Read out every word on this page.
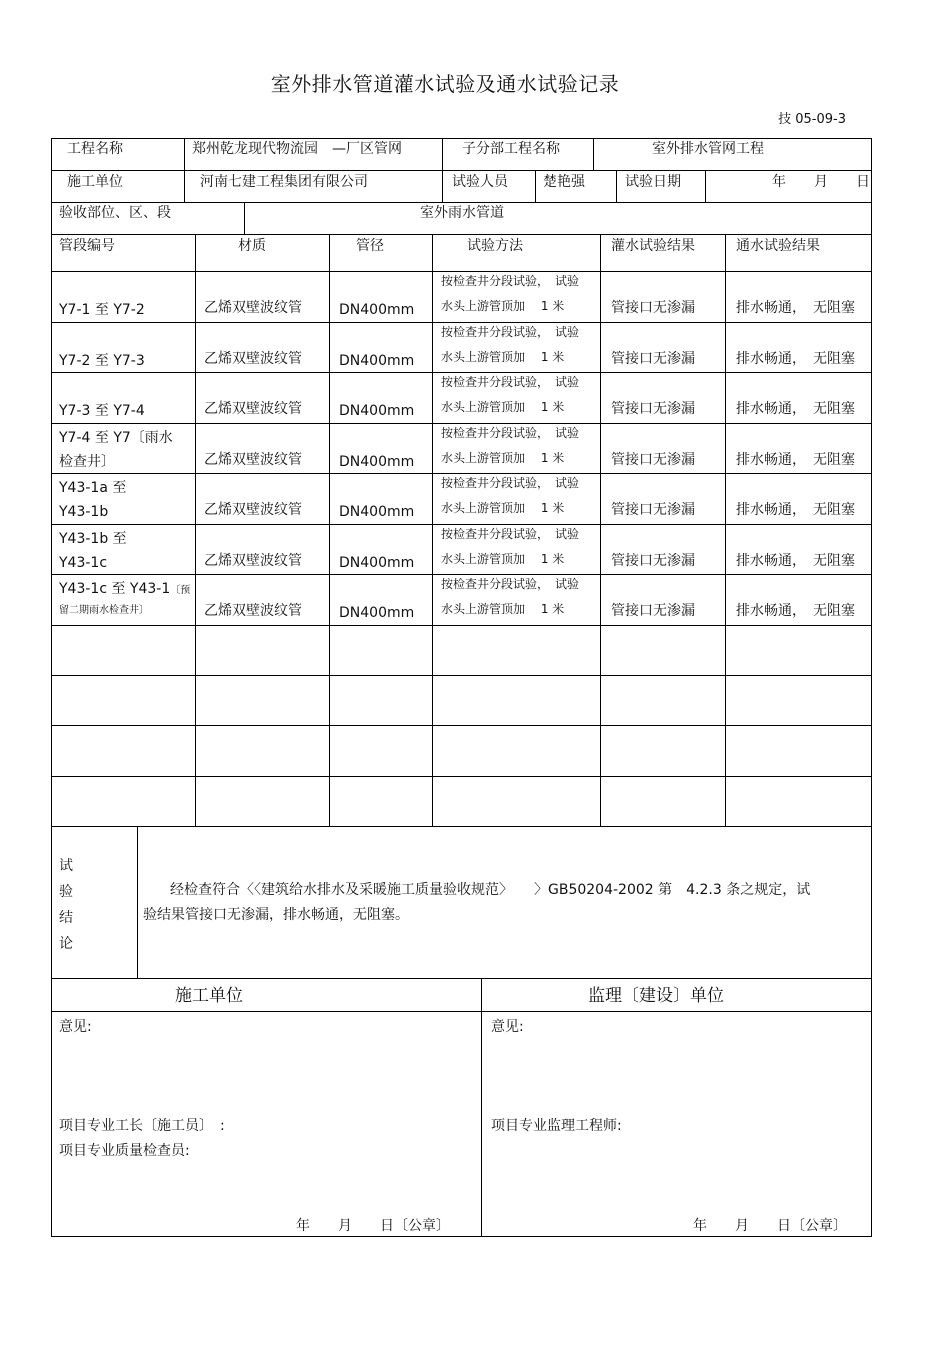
室外排水管道灌水试验及通水试验记录
技 05-09-3
工程名称	郑州乾龙现代物流园　—厂区管网	子分部工程名称	室外排水管网工程
施工单位	河南七建工程集团有限公司	试验人员	楚艳强	试验日期	年　　月　　日
验收部位、区、段	室外雨水管道
管段编号	材质	管径	试验方法	灌水试验结果	通水试验结果
Y7-1 至 Y7-2	乙烯双壁波纹管	DN400mm
按检查井分段试验，　试验
水头上游管顶加　 1 米	管接口无渗漏	排水畅通，　无阻塞
Y7-2 至 Y7-3	乙烯双壁波纹管	DN400mm
按检查井分段试验，　试验
水头上游管顶加　 1 米	管接口无渗漏	排水畅通，　无阻塞
Y7-3 至 Y7-4	乙烯双壁波纹管	DN400mm
按检查井分段试验，　试验
水头上游管顶加　 1 米	管接口无渗漏	排水畅通，　无阻塞
Y7-4 至 Y7〔雨水
检查井〕	乙烯双壁波纹管	DN400mm
按检查井分段试验，　试验
水头上游管顶加　 1 米	管接口无渗漏	排水畅通，　无阻塞
Y43-1a 至
Y43-1b	乙烯双壁波纹管	DN400mm
按检查井分段试验，　试验
水头上游管顶加　 1 米	管接口无渗漏	排水畅通，　无阻塞
Y43-1b 至
Y43-1c	乙烯双壁波纹管	DN400mm
按检查井分段试验，　试验
水头上游管顶加　 1 米	管接口无渗漏	排水畅通，　无阻塞
Y43-1c 至 Y43-1〔预
留二期雨水检查井〕	乙烯双壁波纹管	DN400mm
按检查井分段试验，　试验
水头上游管顶加　 1 米	管接口无渗漏	排水畅通，　无阻塞
试
验
结
论
经检查符合〈〈建筑给水排水及采暖施工质量验收规范〉　　〉GB50204-2002 第　4.2.3 条之规定，试
验结果管接口无渗漏，排水畅通，无阻塞。
施工单位	监理〔建设〕单位
意见:	意见:
项目专业工长〔施工员〕　:
项目专业质量检查员:
项目专业监理工程师:
年　　月　　日〔公章〕	年　　月　　日〔公章〕
